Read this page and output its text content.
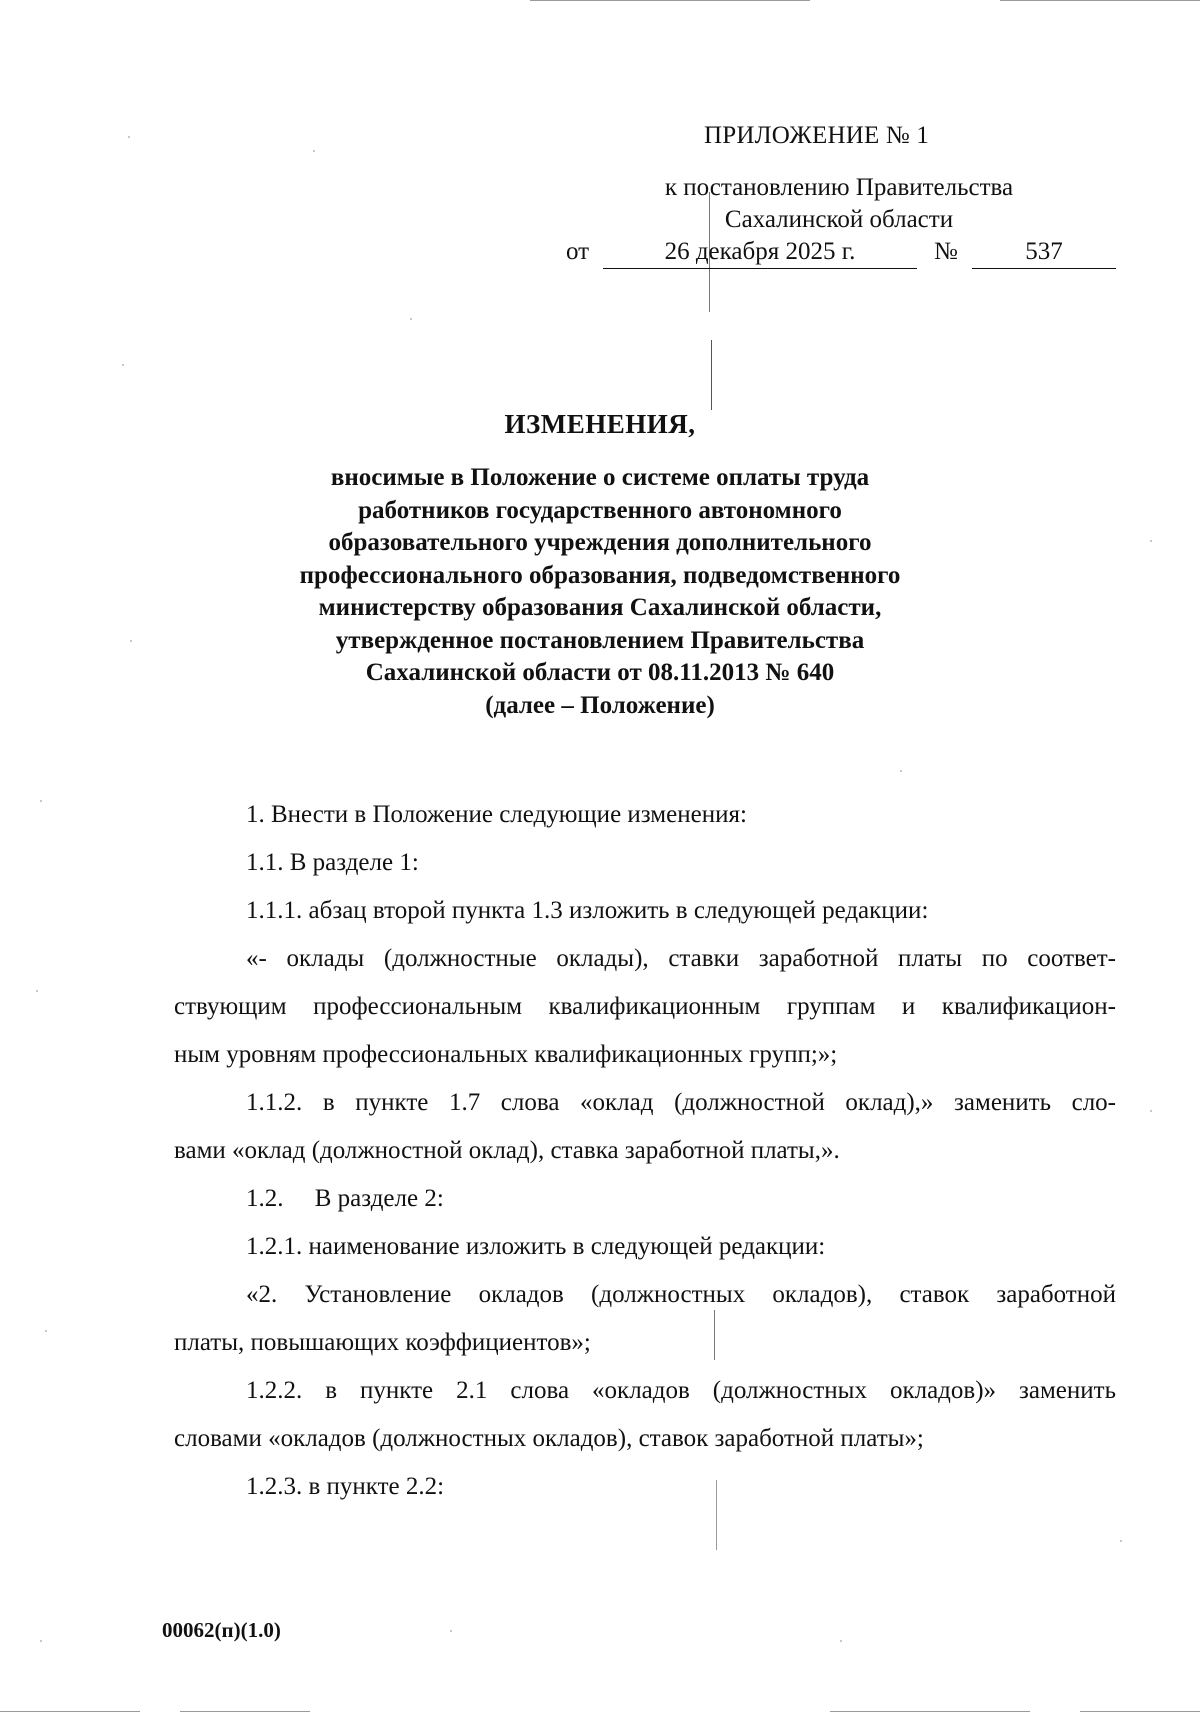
ПРИЛОЖЕНИЕ № 1
к постановлению Правительства
Сахалинской области
от	26 декабря 2025 г.	№	537
ИЗМЕНЕНИЯ,
вносимые в Положение о системе оплаты труда
работников государственного автономного
образовательного учреждения дополнительного
профессионального образования, подведомственного
министерству образования Сахалинской области,
утвержденное постановлением Правительства
Сахалинской области от 08.11.2013 № 640
(далее – Положение)
1. Внести в Положение следующие изменения:
1.1. В разделе 1:
1.1.1. абзац второй пункта 1.3 изложить в следующей редакции:
«- оклады (должностные оклады), ставки заработной платы по соответ-
ствующим профессиональным квалификационным группам и квалификацион-
ным уровням профессиональных квалификационных групп;»;
1.1.2. в пункте 1.7 слова «оклад (должностной оклад),» заменить сло-
вами «оклад (должностной оклад), ставка заработной платы,».
1.2.     В разделе 2:
1.2.1. наименование изложить в следующей редакции:
«2. Установление окладов (должностных окладов), ставок заработной
платы, повышающих коэффициентов»;
1.2.2. в пункте 2.1 слова «окладов (должностных окладов)» заменить
словами «окладов (должностных окладов), ставок заработной платы»;
1.2.3. в пункте 2.2:
00062(п)(1.0)
